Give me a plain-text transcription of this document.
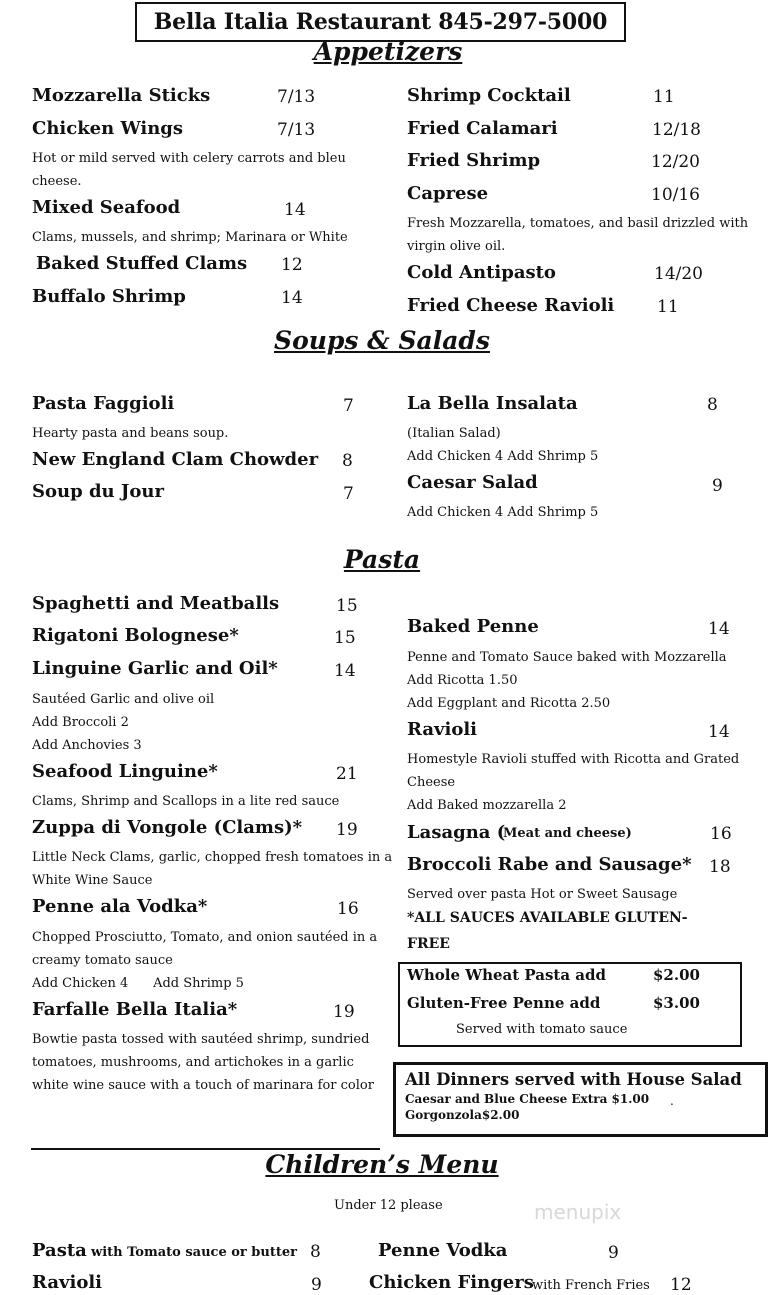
Bella Italia Restaurant 845-297-5000
Appetizers
Mozzarella Sticks	7/13
Chicken Wings	7/13
Hot or mild served with celery carrots and bleu
cheese.
Mixed Seafood	14
Clams, mussels, and shrimp; Marinara or White
Baked Stuffed Clams 12
Buffalo Shrimp	14
Shrimp Cocktail	11
Fried Calamari	12/18
Fried Shrimp	12/20
Caprese	10/16
Fresh Mozzarella, tomatoes, and basil drizzled with
virgin olive oil.
Cold Antipasto	14/20
Fried Cheese Ravioli	11
Soups & Salads
Pasta Faggioli	7
Hearty pasta and beans soup.
New England Clam Chowder 8
Soup du Jour	7
La Bella Insalata	8
(Italian Salad)
Add Chicken 4 Add Shrimp 5
Caesar Salad	9
Add Chicken 4 Add Shrimp 5
Pasta
Spaghetti and Meatballs	15
Rigatoni Bolognese*	15
Linguine Garlic and Oil*	14
Sautéed Garlic and olive oil
Add Broccoli 2
Add Anchovies 3
Seafood Linguine*	21
Clams, Shrimp and Scallops in a lite red sauce
Zuppa di Vongole (Clams)* 19
Little Neck Clams, garlic, chopped fresh tomatoes in a
White Wine Sauce
Penne ala Vodka*	16
Chopped Prosciutto, Tomato, and onion sautéed in a
creamy tomato sauce
Add Chicken 4      Add Shrimp 5
Farfalle Bella Italia*	19
Bowtie pasta tossed with sautéed shrimp, sundried
tomatoes, mushrooms, and artichokes in a garlic
white wine sauce with a touch of marinara for color
Baked Penne	14
Penne and Tomato Sauce baked with Mozzarella
Add Ricotta 1.50
Add Eggplant and Ricotta 2.50
Ravioli	14
Homestyle Ravioli stuffed with Ricotta and Grated
Cheese
Add Baked mozzarella 2
Lasagna (
Meat and cheese)	16
Broccoli Rabe and Sausage* 18
Served over pasta Hot or Sweet Sausage
*ALL SAUCES AVAILABLE GLUTEN-
FREE
Whole Wheat Pasta add	$2.00
Gluten-Free Penne add	$3.00
Served with tomato sauce
All Dinners served with House Salad
Caesar and Blue Cheese Extra $1.00
Gorgonzola$2.00
.
Children’s Menu
Under 12 please	menupix
Pasta with Tomato sauce or butter 8
Ravioli	9
Penne Vodka	9
Chicken Fingers
with French Fries 12
